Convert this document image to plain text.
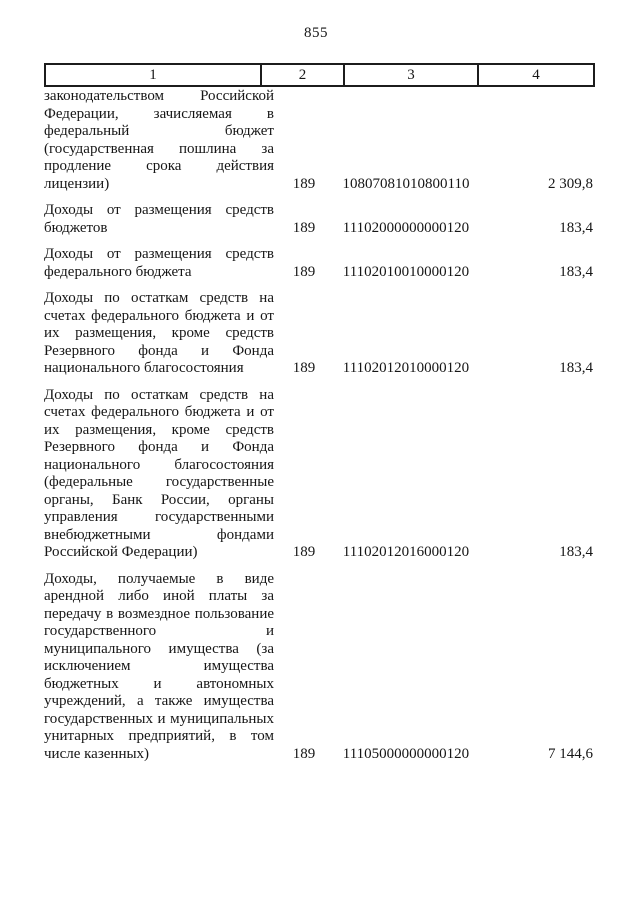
855
1	2	3	4
законодательством Российской Федерации, зачисляемая в федеральный бюджет (государственная пошлина за продление срока действия лицензии)	189	10807081010800110	2 309,8
Доходы от размещения средств бюджетов	189	11102000000000120	183,4
Доходы от размещения средств федерального бюджета	189	11102010010000120	183,4
Доходы по остаткам средств на счетах федерального бюджета и от их размещения, кроме средств Резервного фонда и Фонда национального благосостояния	189	11102012010000120	183,4
Доходы по остаткам средств на счетах федерального бюджета и от их размещения, кроме средств Резервного фонда и Фонда национального благосостояния (федеральные государственные органы, Банк России, органы управления государственными внебюджетными фондами Российской Федерации)	189	11102012016000120	183,4
Доходы, получаемые в виде арендной либо иной платы за передачу в возмездное пользование государственного и муниципального имущества (за исключением имущества бюджетных и автономных учреждений, а также имущества государственных и муниципальных унитарных предприятий, в том числе казенных)	189	11105000000000120	7 144,6
